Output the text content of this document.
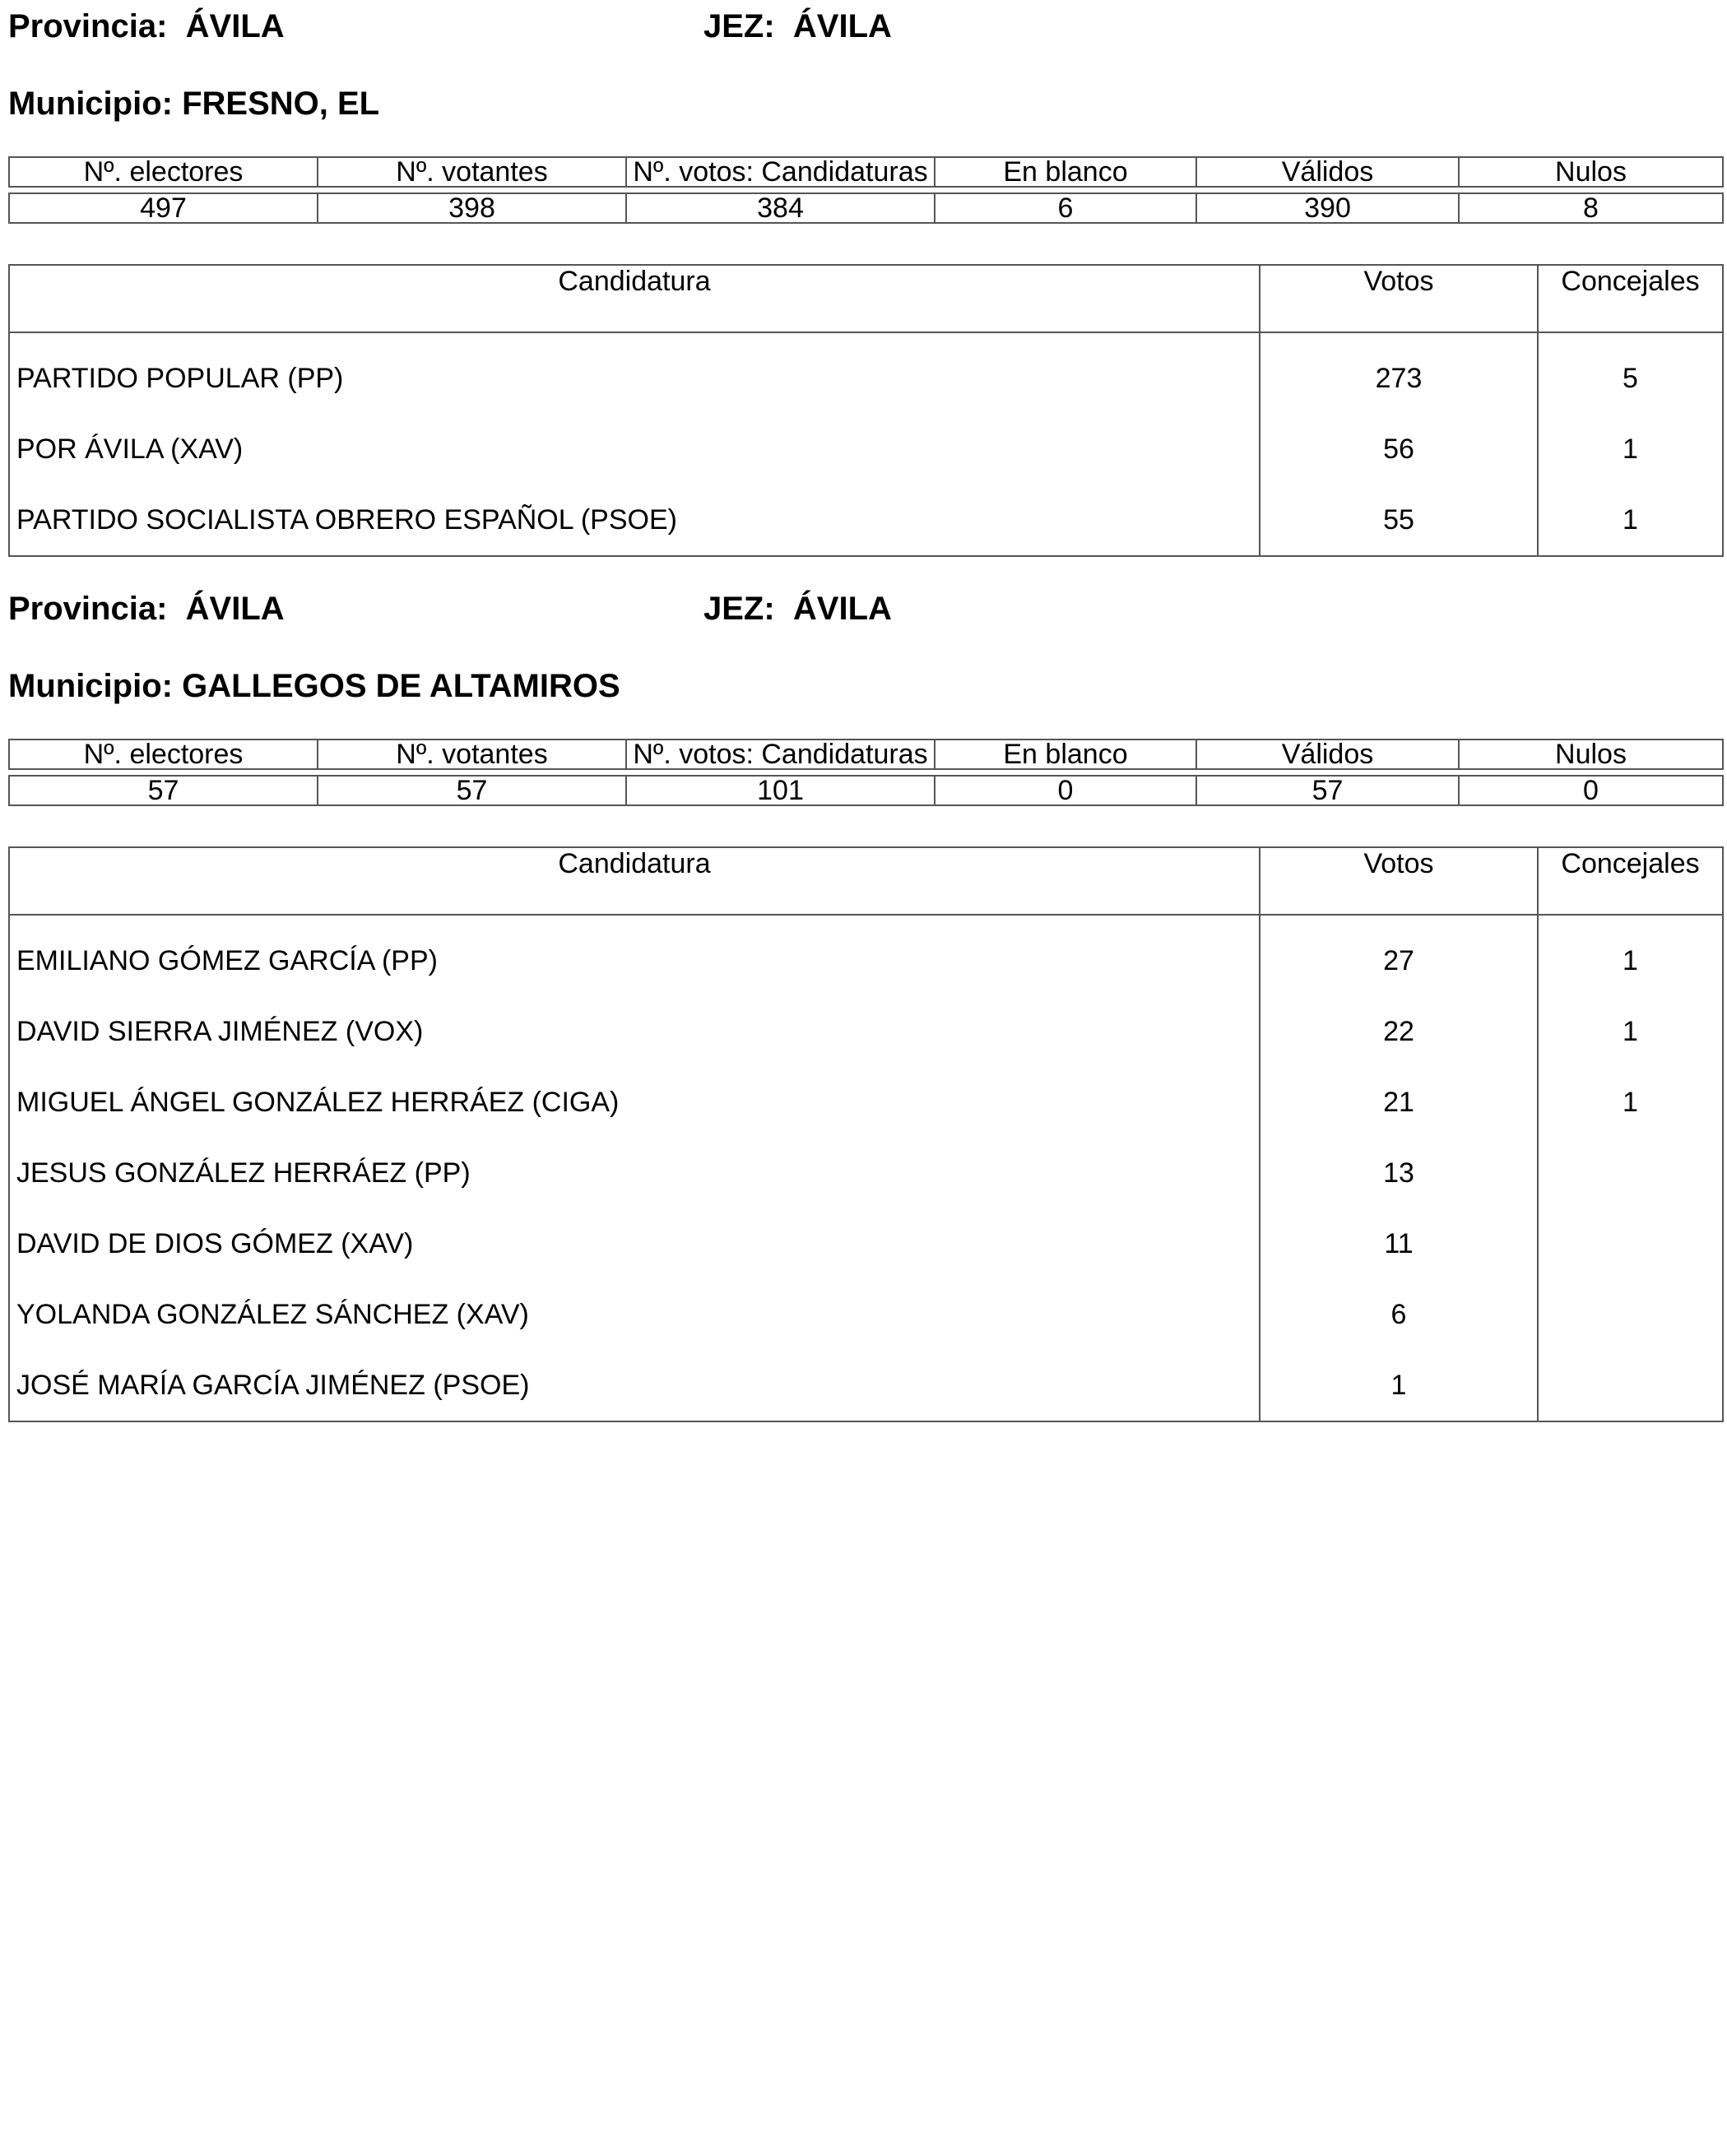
Provincia: ÁVILA	JEZ: ÁVILA
Municipio: FRESNO, EL
Nº. electores	Nº. votantes	Nº. votos: Candidaturas	En blanco	Válidos	Nulos

497	398	384	6	390	8
Candidatura	Votos	Concejales
PARTIDO POPULAR (PP)	273	5
POR ÁVILA (XAV)	56	1
PARTIDO SOCIALISTA OBRERO ESPAÑOL (PSOE)	55	1
Provincia: ÁVILA	JEZ: ÁVILA
Municipio: GALLEGOS DE ALTAMIROS
Nº. electores	Nº. votantes	Nº. votos: Candidaturas	En blanco	Válidos	Nulos

57	57	101	0	57	0
Candidatura	Votos	Concejales
EMILIANO GÓMEZ GARCÍA (PP)	27	1
DAVID SIERRA JIMÉNEZ (VOX)	22	1
MIGUEL ÁNGEL GONZÁLEZ HERRÁEZ (CIGA)	21	1
JESUS GONZÁLEZ HERRÁEZ (PP)	13	
DAVID DE DIOS GÓMEZ (XAV)	11	
YOLANDA GONZÁLEZ SÁNCHEZ (XAV)	6	
JOSÉ MARÍA GARCÍA JIMÉNEZ (PSOE)	1	
